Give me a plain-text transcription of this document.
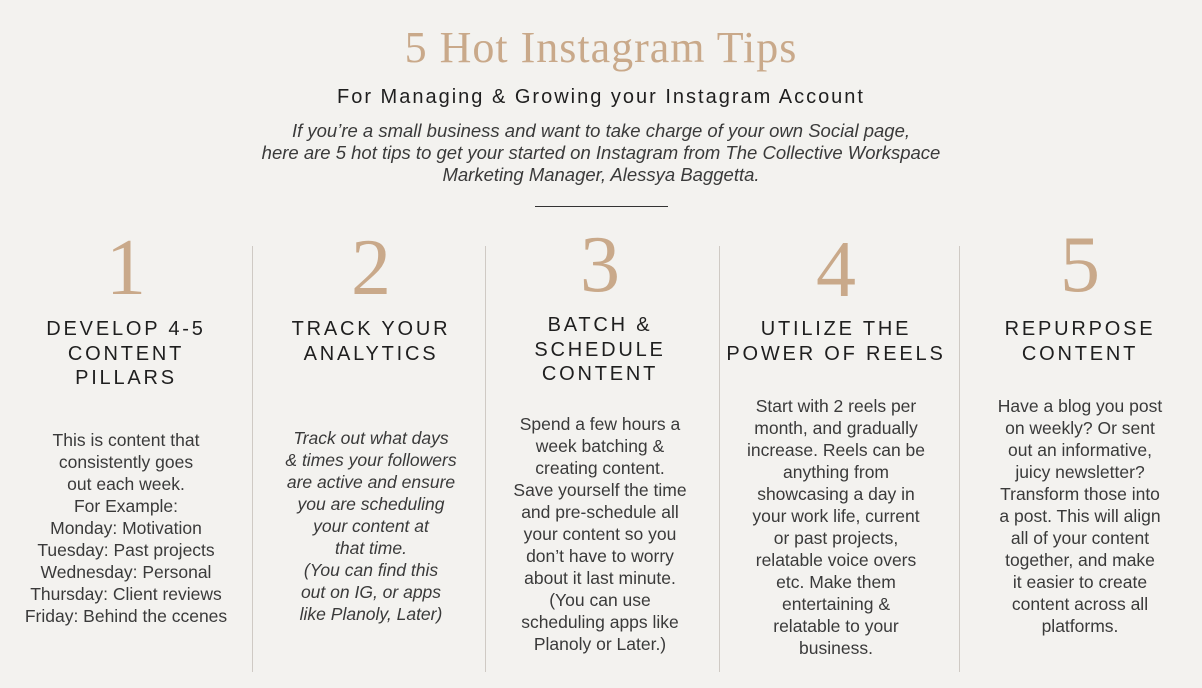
5 Hot Instagram Tips
For Managing & Growing your Instagram Account
If you’re a small business and want to take charge of your own Social page,
here are 5 hot tips to get your started on Instagram from The Collective Workspace
Marketing Manager, Alessya Baggetta.
1
DEVELOP 4-5
CONTENT
PILLARS
This is content that
consistently goes
out each week.
For Example:
Monday: Motivation
Tuesday: Past projects
Wednesday: Personal
Thursday: Client reviews
Friday: Behind the ccenes
2
TRACK YOUR
ANALYTICS
Track out what days
& times your followers
are active and ensure
you are scheduling
your content at
that time.
(You can find this
out on IG, or apps
like Planoly, Later)
3
BATCH &
SCHEDULE
CONTENT
Spend a few hours a
week batching &
creating content.
Save yourself the time
and pre-schedule all
your content so you
don’t have to worry
about it last minute.
(You can use
scheduling apps like
Planoly or Later.)
4
UTILIZE THE
POWER OF REELS
Start with 2 reels per
month, and gradually
increase. Reels can be
anything from
showcasing a day in
your work life, current
or past projects,
relatable voice overs
etc. Make them
entertaining &
relatable to your
business.
5
REPURPOSE
CONTENT
Have a blog you post
on weekly? Or sent
out an informative,
juicy newsletter?
Transform those into
a post. This will align
all of your content
together, and make
it easier to create
content across all
platforms.
